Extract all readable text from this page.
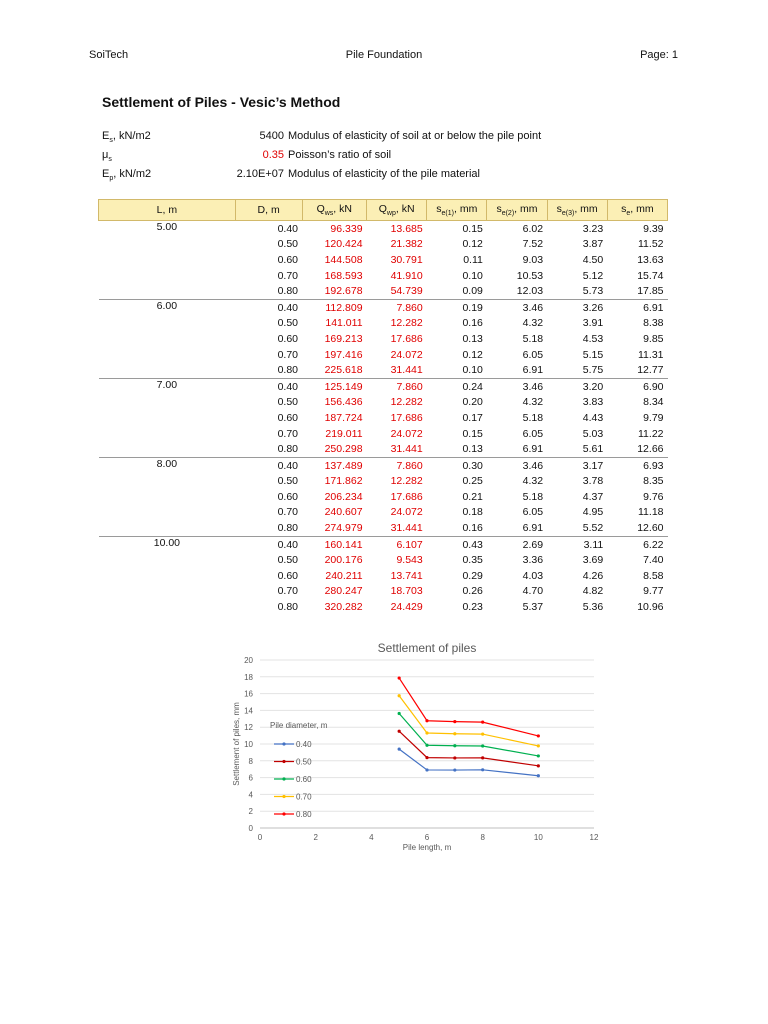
SoiTech	Pile Foundation	Page: 1
Settlement of Piles - Vesic’s Method
$E_s$, kN/m2	5400 Modulus of elasticity of soil at or below the pile point
$\mu_s$	0.35 Poisson’s ratio of soil
$E_p$, kN/m2	2.10E+07 Modulus of elasticity of the pile material
L, m	D, m	$Q_{ws}$, kN	$Q_{wp}$, kN	$s_{e(1)}$, mm	$s_{e(2)}$, mm	$s_{e(3)}$, mm	$s_e$, mm
5.00	0.40	96.339	13.685	0.15	6.02	3.23	9.39
	0.50	120.424	21.382	0.12	7.52	3.87	11.52
	0.60	144.508	30.791	0.11	9.03	4.50	13.63
	0.70	168.593	41.910	0.10	10.53	5.12	15.74
	0.80	192.678	54.739	0.09	12.03	5.73	17.85
6.00	0.40	112.809	7.860	0.19	3.46	3.26	6.91
	0.50	141.011	12.282	0.16	4.32	3.91	8.38
	0.60	169.213	17.686	0.13	5.18	4.53	9.85
	0.70	197.416	24.072	0.12	6.05	5.15	11.31
	0.80	225.618	31.441	0.10	6.91	5.75	12.77
7.00	0.40	125.149	7.860	0.24	3.46	3.20	6.90
	0.50	156.436	12.282	0.20	4.32	3.83	8.34
	0.60	187.724	17.686	0.17	5.18	4.43	9.79
	0.70	219.011	24.072	0.15	6.05	5.03	11.22
	0.80	250.298	31.441	0.13	6.91	5.61	12.66
8.00	0.40	137.489	7.860	0.30	3.46	3.17	6.93
	0.50	171.862	12.282	0.25	4.32	3.78	8.35
	0.60	206.234	17.686	0.21	5.18	4.37	9.76
	0.70	240.607	24.072	0.18	6.05	4.95	11.18
	0.80	274.979	31.441	0.16	6.91	5.52	12.60
10.00	0.40	160.141	6.107	0.43	2.69	3.11	6.22
	0.50	200.176	9.543	0.35	3.36	3.69	7.40
	0.60	240.211	13.741	0.29	4.03	4.26	8.58
	0.70	280.247	18.703	0.26	4.70	4.82	9.77
	0.80	320.282	24.429	0.23	5.37	5.36	10.96
Settlement of piles
0
2
4
6
8
10
12
14
16
18
20
0	2	4	6	8	10	12
Pile length, m
Settlement of piles, mm	Pile diameter, m
0.40
0.50
0.60
0.70
0.80
